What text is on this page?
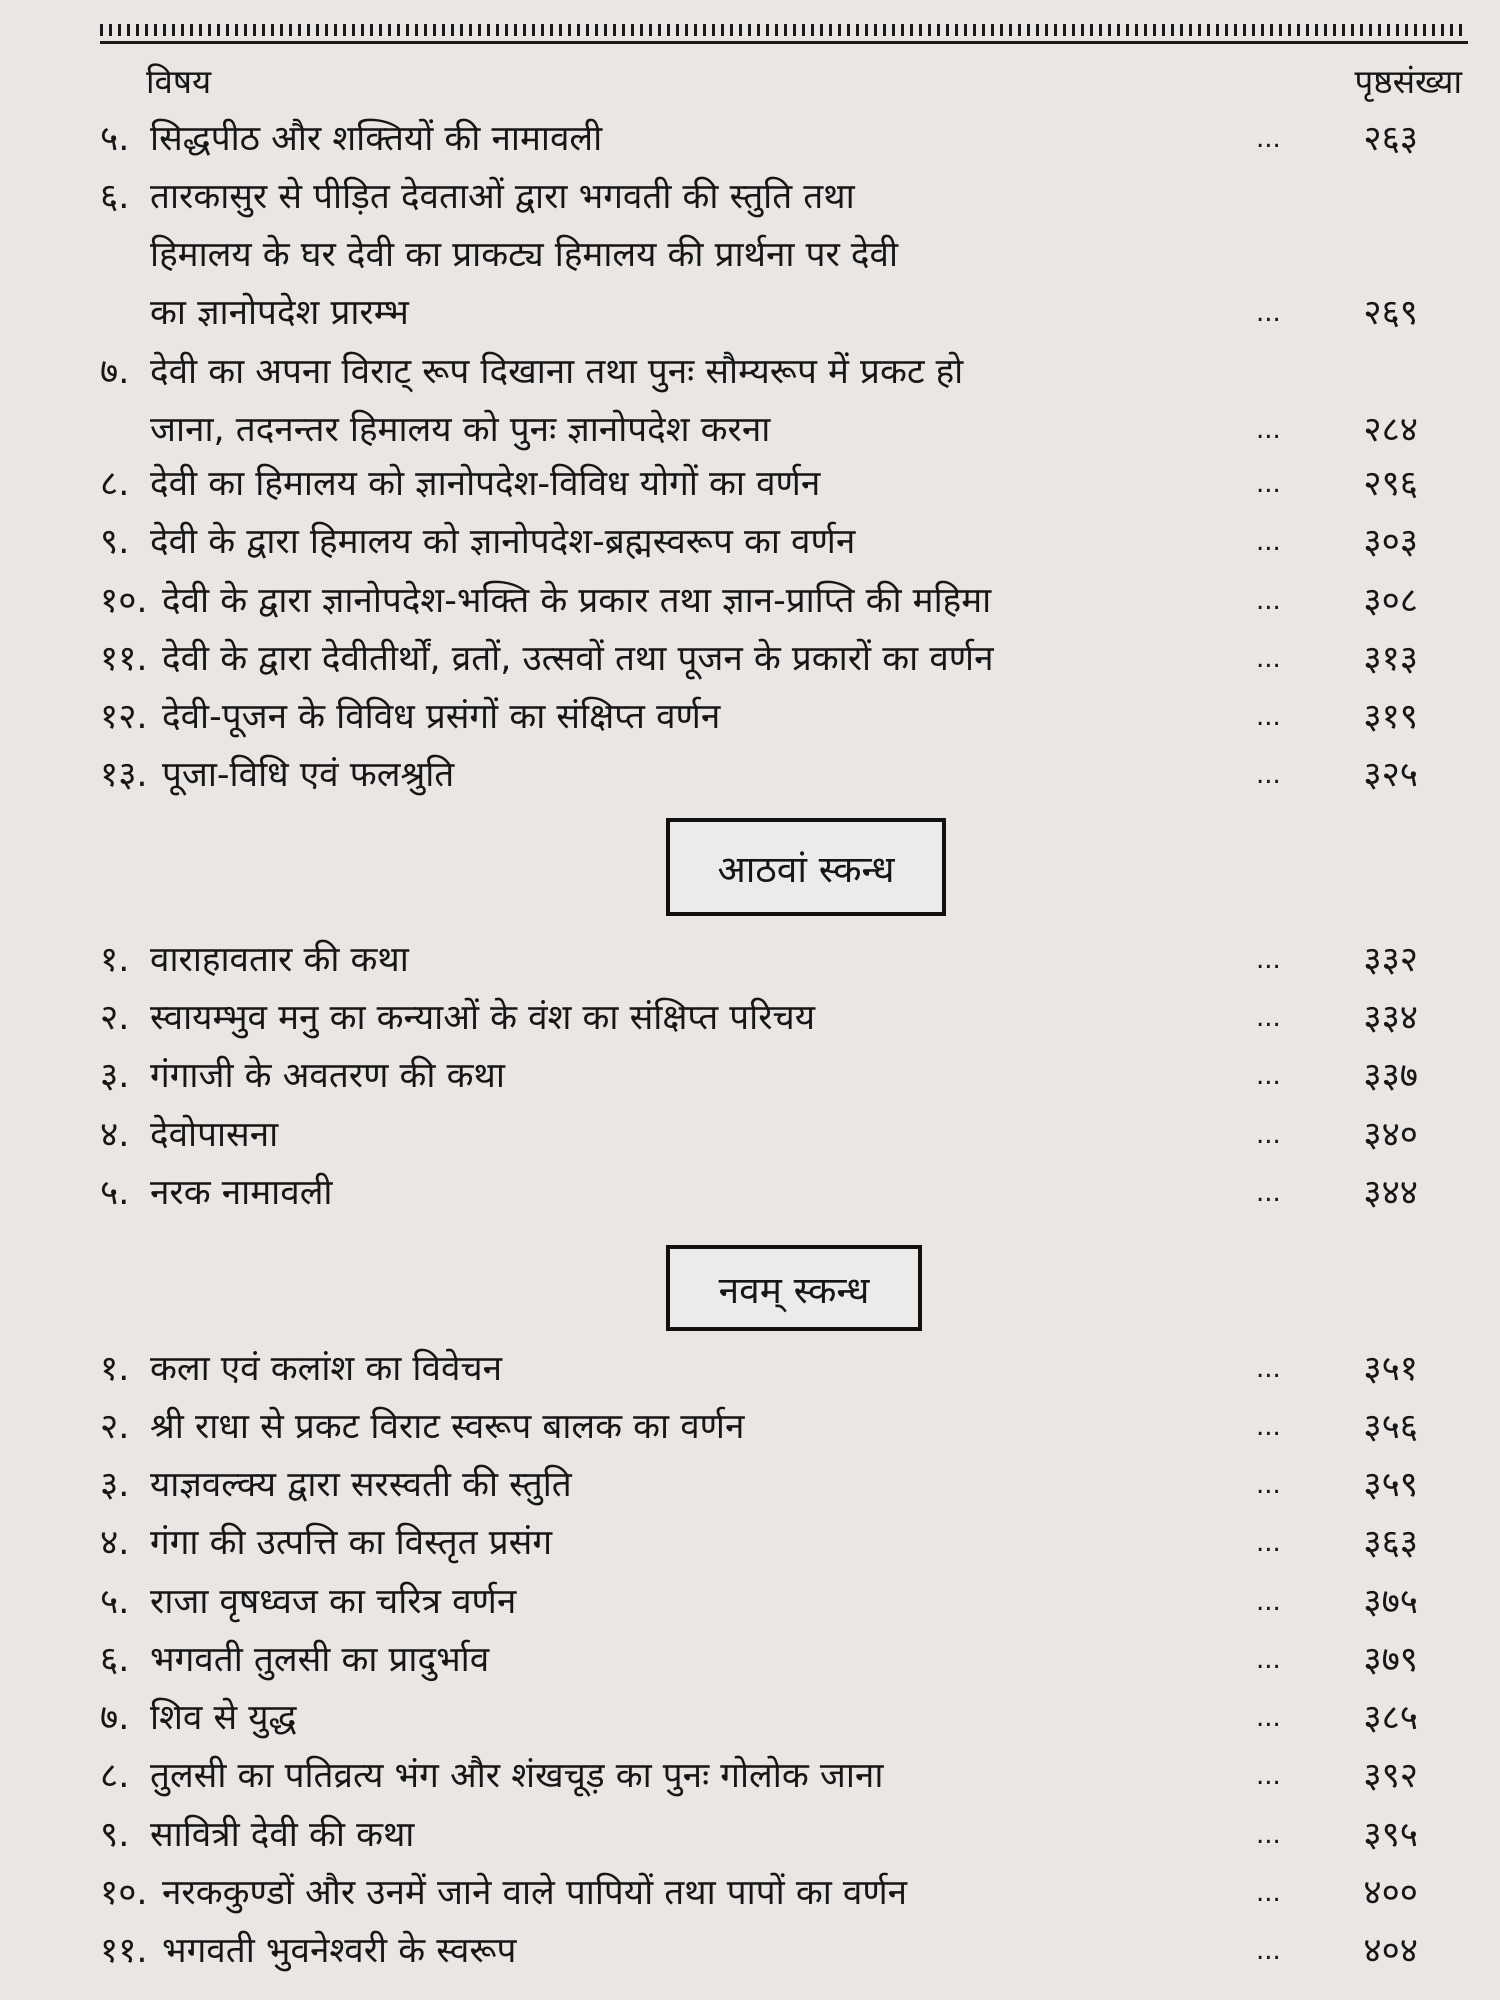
विषय	पृष्ठसंख्या
५. सिद्धपीठ और शक्तियों की नामावली	... २६३
६. तारकासुर से पीड़ित देवताओं द्वारा भगवती की स्तुति तथा
हिमालय के घर देवी का प्राकट्य हिमालय की प्रार्थना पर देवी
का ज्ञानोपदेश प्रारम्भ	... २६९
७. देवी का अपना विराट् रूप दिखाना तथा पुनः सौम्यरूप में प्रकट हो
जाना, तदनन्तर हिमालय को पुनः ज्ञानोपदेश करना	... २८४
८. देवी का हिमालय को ज्ञानोपदेश-विविध योगों का वर्णन	... २९६
९. देवी के द्वारा हिमालय को ज्ञानोपदेश-ब्रह्मस्वरूप का वर्णन	... ३०३
१०. देवी के द्वारा ज्ञानोपदेश-भक्ति के प्रकार तथा ज्ञान-प्राप्ति की महिमा	... ३०८
११. देवी के द्वारा देवीतीर्थों, व्रतों, उत्सवों तथा पूजन के प्रकारों का वर्णन	... ३१३
१२. देवी-पूजन के विविध प्रसंगों का संक्षिप्त वर्णन	... ३१९
१३. पूजा-विधि एवं फलश्रुति	... ३२५
१. वाराहावतार की कथा	... ३३२
२. स्वायम्भुव मनु का कन्याओं के वंश का संक्षिप्त परिचय	... ३३४
३. गंगाजी के अवतरण की कथा	... ३३७
४. देवोपासना	... ३४०
५. नरक नामावली	... ३४४
१. कला एवं कलांश का विवेचन	... ३५१
२. श्री राधा से प्रकट विराट स्वरूप बालक का वर्णन	... ३५६
३. याज्ञवल्क्य द्वारा सरस्वती की स्तुति	... ३५९
४. गंगा की उत्पत्ति का विस्तृत प्रसंग	... ३६३
५. राजा वृषध्वज का चरित्र वर्णन	... ३७५
६. भगवती तुलसी का प्रादुर्भाव	... ३७९
७. शिव से युद्ध	... ३८५
८. तुलसी का पतिव्रत्य भंग और शंखचूड़ का पुनः गोलोक जाना	... ३९२
९. सावित्री देवी की कथा	... ३९५
१०. नरककुण्डों और उनमें जाने वाले पापियों तथा पापों का वर्णन	... ४००
११. भगवती भुवनेश्वरी के स्वरूप	... ४०४
आठवां स्कन्ध
नवम् स्कन्ध
